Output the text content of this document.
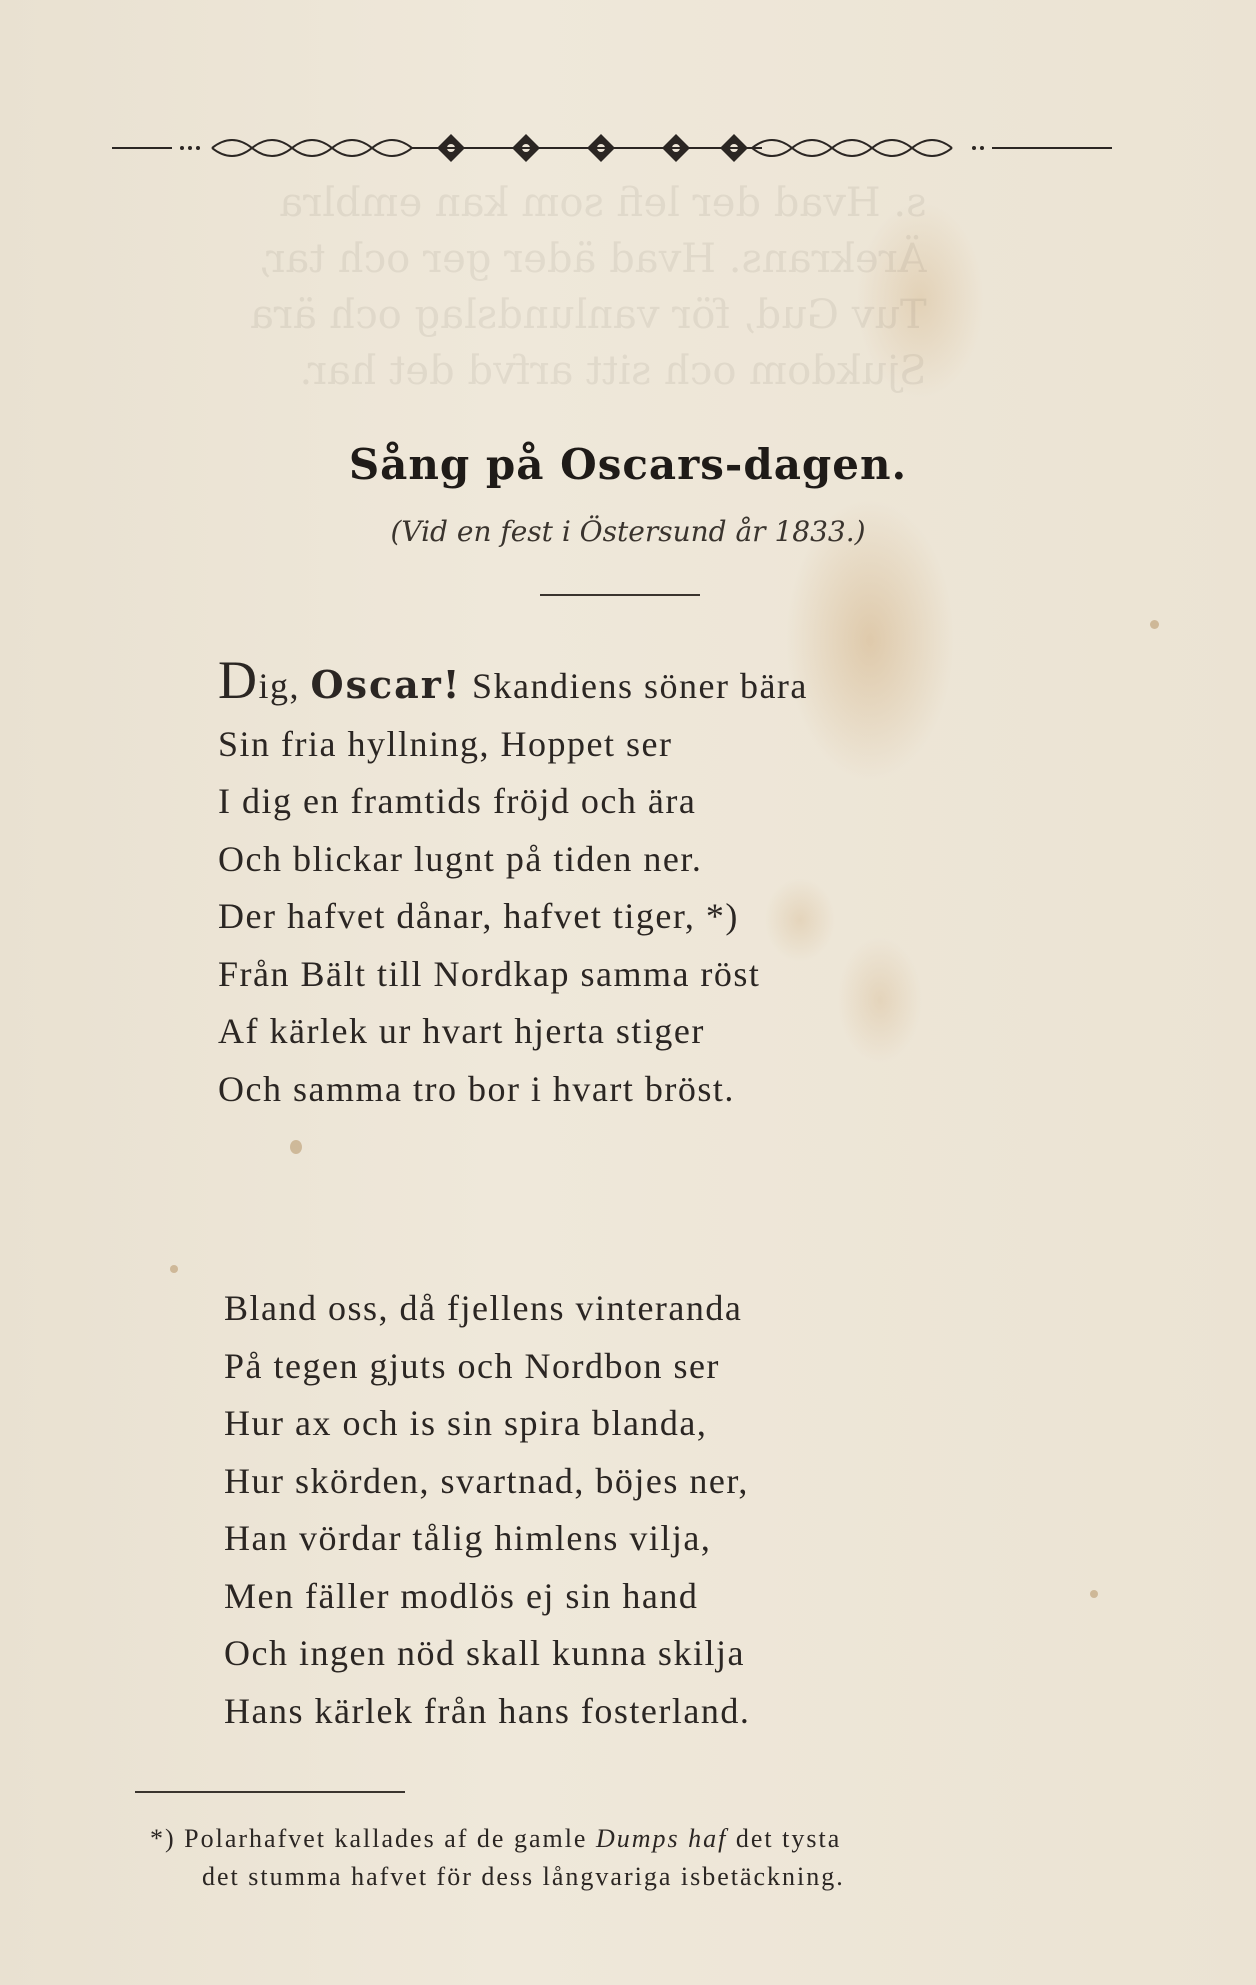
s. Hvad der lefi som kan emblra
Ärekrans. Hvad äder ger och tar,
Tuv Gud, för vanlundslag och ära
Sjukdom och sitt arfvd det har.
Sång på Oscars-dagen.
(Vid en fest i Östersund år 1833.)
Dig, Oscar! Skandiens söner bära
Sin fria hyllning, Hoppet ser
I dig en framtids fröjd och ära
Och blickar lugnt på tiden ner.
Der hafvet dånar, hafvet tiger, *)
Från Bält till Nordkap samma röst
Af kärlek ur hvart hjerta stiger
Och samma tro bor i hvart bröst.
Bland oss, då fjellens vinteranda
På tegen gjuts och Nordbon ser
Hur ax och is sin spira blanda,
Hur skörden, svartnad, böjes ner,
Han vördar tålig himlens vilja,
Men fäller modlös ej sin hand
Och ingen nöd skall kunna skilja
Hans kärlek från hans fosterland.
*) Polarhafvet kallades af de gamle Dumps haf det tysta
det stumma hafvet för dess långvariga isbetäckning.
